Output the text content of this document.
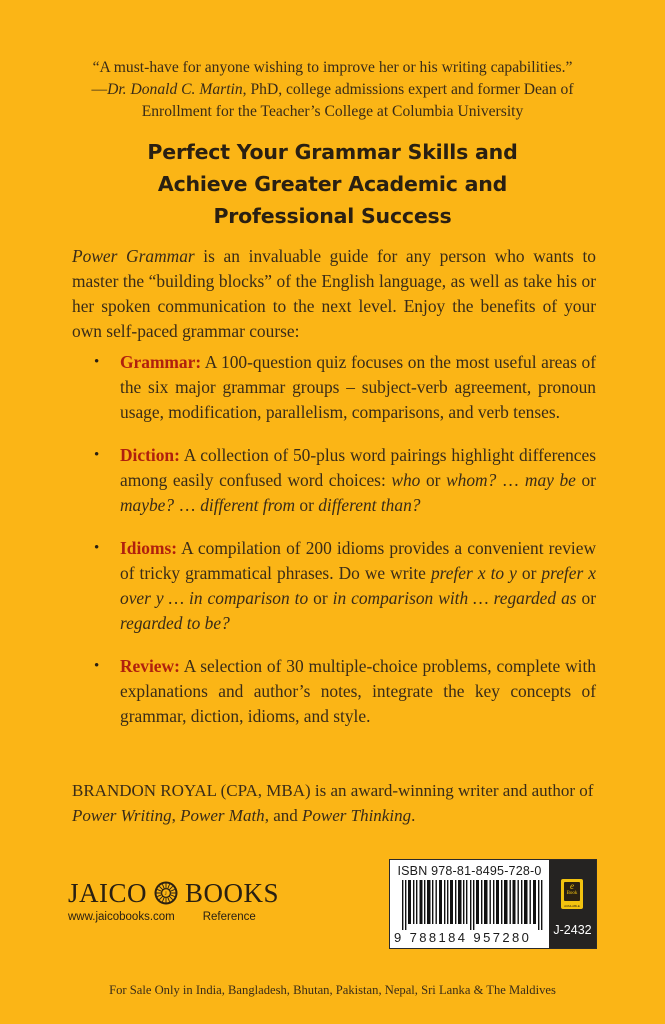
“A must-have for anyone wishing to improve her or his writing capabilities.”
—Dr. Donald C. Martin, PhD, college admissions expert and former Dean of
Enrollment for the Teacher’s College at Columbia University
Perfect Your Grammar Skills and
Achieve Greater Academic and
Professional Success
Power Grammar is an invaluable guide for any person who wants to master the “building blocks” of the English language, as well as take his or her spoken communication to the next level. Enjoy the benefits of your own self-paced grammar course:
• Grammar: A 100-question quiz focuses on the most useful areas of the six major grammar groups – subject-verb agreement, pronoun usage, modification, parallelism, comparisons, and verb tenses.
• Diction: A collection of 50-plus word pairings highlight differences among easily confused word choices: who or whom? … may be or maybe? … different from or different than?
• Idioms: A compilation of 200 idioms provides a convenient review of tricky grammatical phrases. Do we write prefer x to y or prefer x over y … in comparison to or in comparison with … regarded as or regarded to be?
• Review: A selection of 30 multiple-choice problems, complete with explanations and author’s notes, integrate the key concepts of grammar, diction, idioms, and style.
BRANDON ROYAL (CPA, MBA) is an award-winning writer and author of Power Writing, Power Math, and Power Thinking.
JAICO	J BOOKS
www.jaicobooks.com Reference
ISBN 978-81-8495-728-0
9 788184 957280
e
Book
AVAILABLE
J-2432
For Sale Only in India, Bangladesh, Bhutan, Pakistan, Nepal, Sri Lanka & The Maldives
